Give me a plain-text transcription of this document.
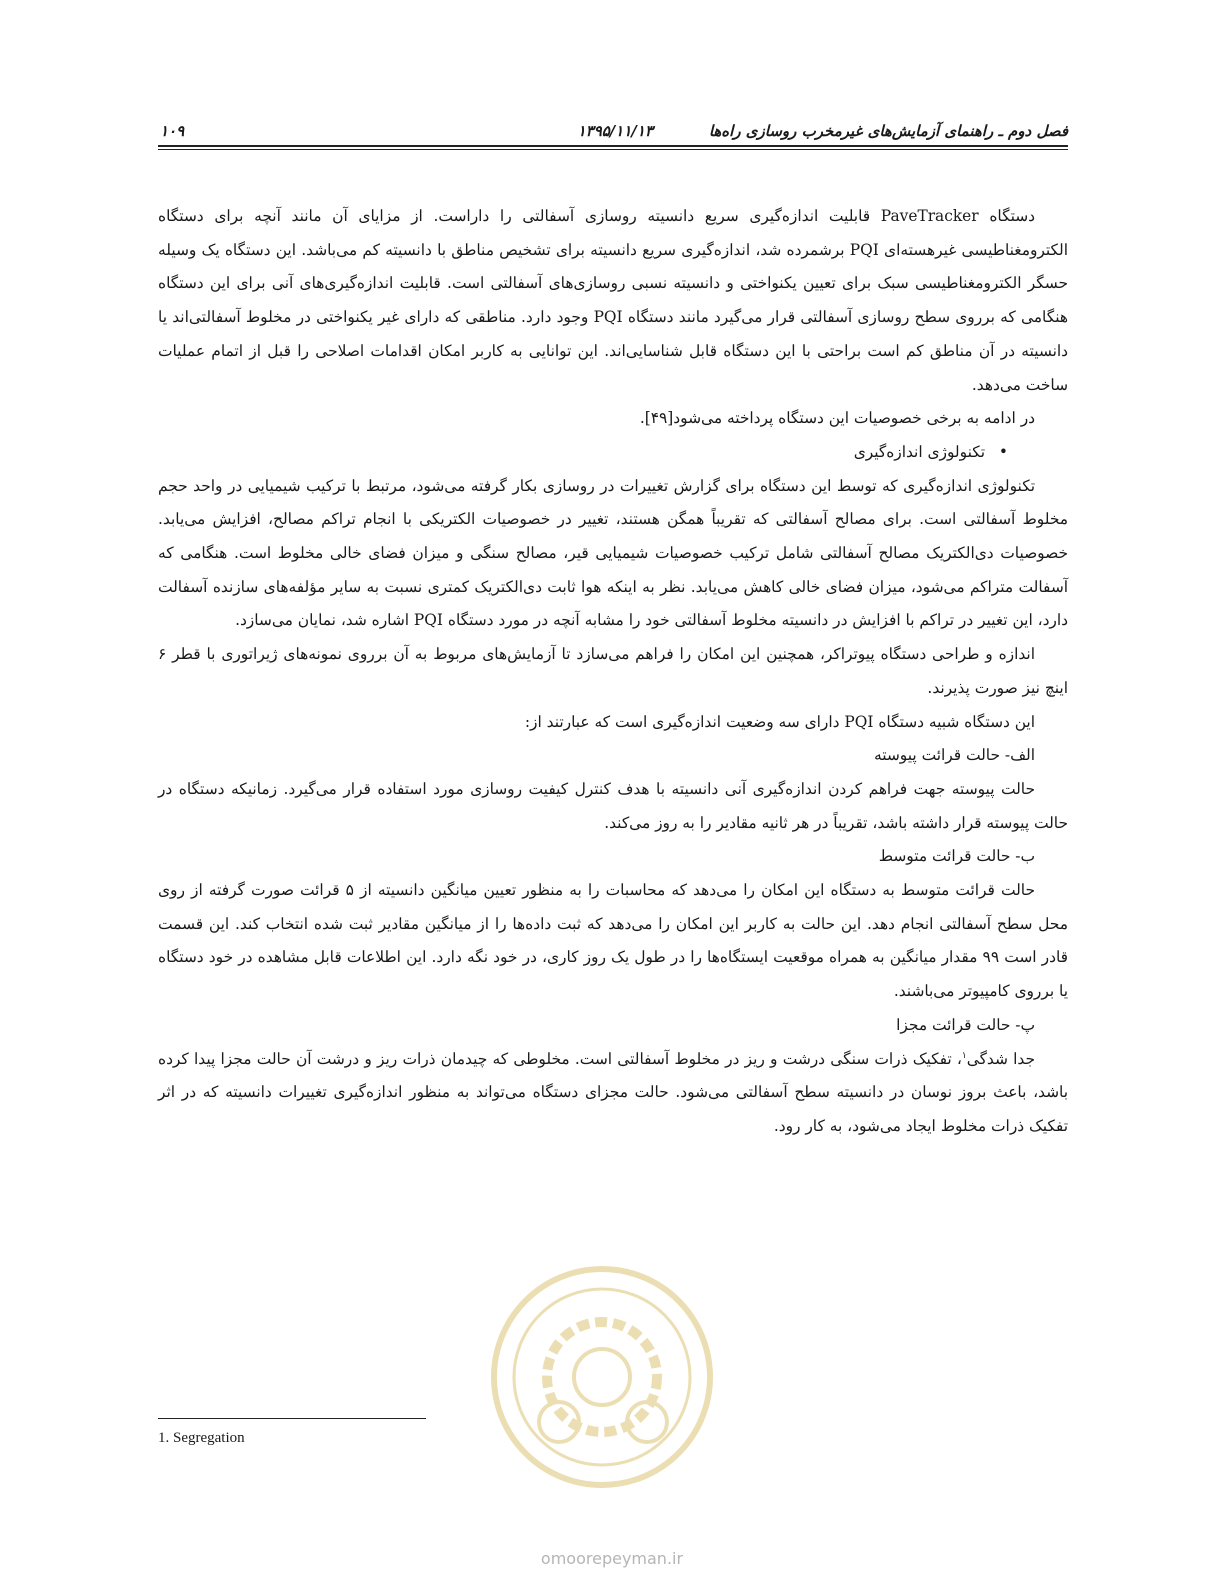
فصل دوم ـ راهنمای آزمایش‌های غیرمخرب روسازی راه‌ها
۱۳۹۵/۱۱/۱۳
۱۰۹

دستگاه PaveTracker قابلیت اندازه‌گیری سریع دانسیته روسازی آسفالتی را داراست. از مزایای آن مانند آنچه برای دستگاه الکترومغناطیسی غیرهسته‌ای PQI برشمرده شد، اندازه‌گیری سریع دانسیته برای تشخیص مناطق با دانسیته کم می‌باشد. این دستگاه یک وسیله حسگر الکترومغناطیسی سبک برای تعیین یکنواختی و دانسیته نسبی روسازی‌های آسفالتی است. قابلیت اندازه‌گیری‌های آنی برای این دستگاه هنگامی که برروی سطح روسازی آسفالتی قرار می‌گیرد مانند دستگاه PQI وجود دارد. مناطقی که دارای غیر یکنواختی در مخلوط آسفالتی‌اند یا دانسیته در آن مناطق کم است براحتی با این دستگاه قابل شناسایی‌اند. این توانایی به کاربر امکان اقدامات اصلاحی را قبل از اتمام عملیات ساخت می‌دهد.

در ادامه به برخی خصوصیات این دستگاه پرداخته می‌شود[۴۹].

• تکنولوژی اندازه‌گیری

تکنولوژی اندازه‌گیری که توسط این دستگاه برای گزارش تغییرات در روسازی بکار گرفته می‌شود، مرتبط با ترکیب شیمیایی در واحد حجم مخلوط آسفالتی است. برای مصالح آسفالتی که تقریباً همگن هستند، تغییر در خصوصیات الکتریکی با انجام تراکم مصالح، افزایش می‌یابد. خصوصیات دی‌الکتریک مصالح آسفالتی شامل ترکیب خصوصیات شیمیایی قیر، مصالح سنگی و میزان فضای خالی مخلوط است. هنگامی که آسفالت متراکم می‌شود، میزان فضای خالی کاهش می‌یابد. نظر به اینکه هوا ثابت دی‌الکتریک کمتری نسبت به سایر مؤلفه‌های سازنده آسفالت دارد، این تغییر در تراکم با افزایش در دانسیته مخلوط آسفالتی خود را مشابه آنچه در مورد دستگاه PQI اشاره شد، نمایان می‌سازد.

اندازه و طراحی دستگاه پیوتراکر، همچنین این امکان را فراهم می‌سازد تا آزمایش‌های مربوط به آن برروی نمونه‌های ژیراتوری با قطر ۶ اینچ نیز صورت پذیرند.

این دستگاه شبیه دستگاه PQI دارای سه وضعیت اندازه‌گیری است که عبارتند از:

الف- حالت قرائت پیوسته

حالت پیوسته جهت فراهم کردن اندازه‌گیری آنی دانسیته با هدف کنترل کیفیت روسازی مورد استفاده قرار می‌گیرد. زمانیکه دستگاه در حالت پیوسته قرار داشته باشد، تقریباً در هر ثانیه مقادیر را به روز می‌کند.

ب- حالت قرائت متوسط

حالت قرائت متوسط به دستگاه این امکان را می‌دهد که محاسبات را به منظور تعیین میانگین دانسیته از ۵ قرائت صورت گرفته از روی محل سطح آسفالتی انجام دهد. این حالت به کاربر این امکان را می‌دهد که ثبت داده‌ها را از میانگین مقادیر ثبت شده انتخاب کند. این قسمت قادر است ۹۹ مقدار میانگین به همراه موقعیت ایستگاه‌ها را در طول یک روز کاری، در خود نگه دارد. این اطلاعات قابل مشاهده در خود دستگاه یا برروی کامپیوتر می‌باشند.

پ- حالت قرائت مجزا

جدا شدگی$^۱$، تفکیک ذرات سنگی درشت و ریز در مخلوط آسفالتی است. مخلوطی که چیدمان ذرات ریز و درشت آن حالت مجزا پیدا کرده باشد، باعث بروز نوسان در دانسیته سطح آسفالتی می‌شود. حالت مجزای دستگاه می‌تواند به منظور اندازه‌گیری تغییرات دانسیته که در اثر تفکیک ذرات مخلوط ایجاد می‌شود، به کار رود.

1. Segregation
omoorepeyman.ir
